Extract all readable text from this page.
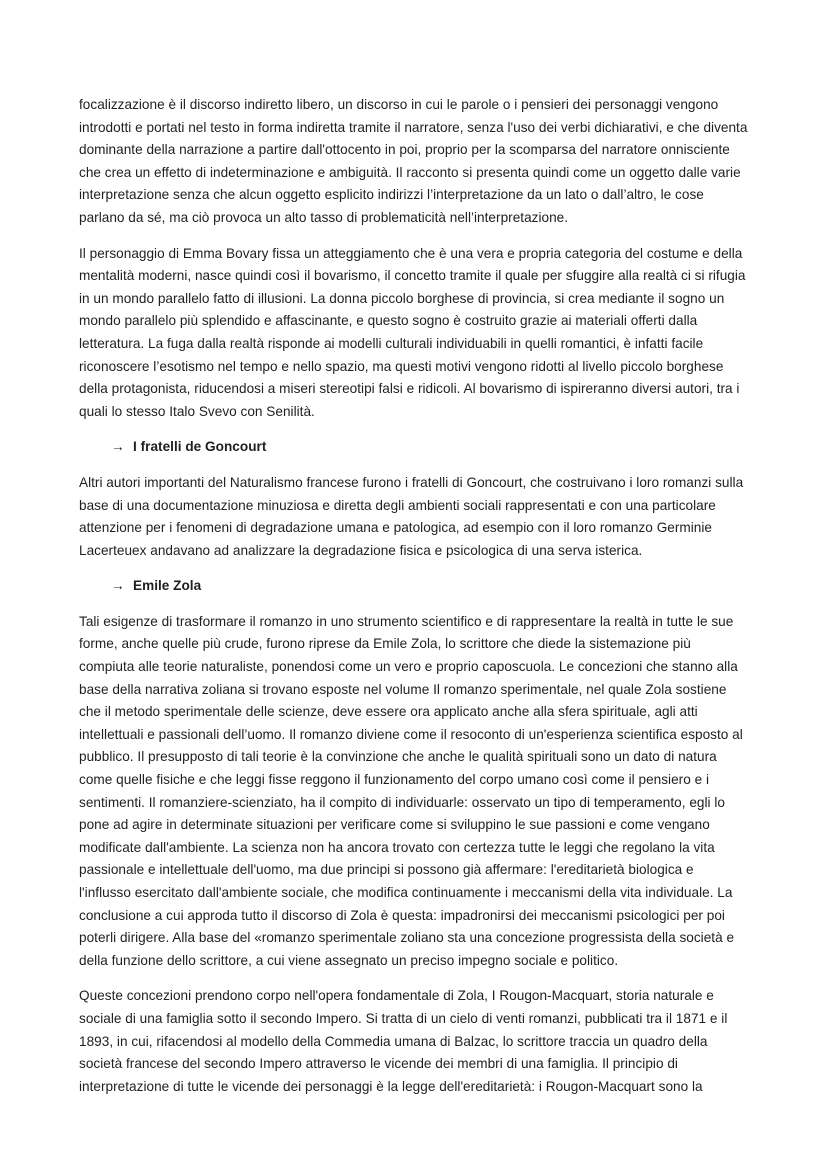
focalizzazione è il discorso indiretto libero, un discorso in cui le parole o i pensieri dei personaggi vengono introdotti e portati nel testo in forma indiretta tramite il narratore, senza l'uso dei verbi dichiarativi, e che diventa dominante della narrazione a partire dall'ottocento in poi, proprio per la scomparsa del narratore onnisciente che crea un effetto di indeterminazione e ambiguità. Il racconto si presenta quindi come un oggetto dalle varie interpretazione senza che alcun oggetto esplicito indirizzi l’interpretazione da un lato o dall’altro, le cose parlano da sé, ma ciò provoca un alto tasso di problematicità nell’interpretazione.

Il personaggio di Emma Bovary fissa un atteggiamento che è una vera e propria categoria del costume e della mentalità moderni, nasce quindi così il bovarismo, il concetto tramite il quale per sfuggire alla realtà ci si rifugia in un mondo parallelo fatto di illusioni. La donna piccolo borghese di provincia, si crea mediante il sogno un mondo parallelo più splendido e affascinante, e questo sogno è costruito grazie ai materiali offerti dalla letteratura. La fuga dalla realtà risponde ai modelli culturali individuabili in quelli romantici, è infatti facile riconoscere l’esotismo nel tempo e nello spazio, ma questi motivi vengono ridotti al livello piccolo borghese della protagonista, riducendosi a miseri stereotipi falsi e ridicoli. Al bovarismo di ispireranno diversi autori, tra i quali lo stesso Italo Svevo con Senilità.

→ I fratelli de Goncourt

Altri autori importanti del Naturalismo francese furono i fratelli di Goncourt, che costruivano i loro romanzi sulla base di una documentazione minuziosa e diretta degli ambienti sociali rappresentati e con una particolare attenzione per i fenomeni di degradazione umana e patologica, ad esempio con il loro romanzo Germinie Lacerteuex andavano ad analizzare la degradazione fisica e psicologica di una serva isterica.

→ Emile Zola

Tali esigenze di trasformare il romanzo in uno strumento scientifico e di rappresentare la realtà in tutte le sue forme, anche quelle più crude, furono riprese da Emile Zola, lo scrittore che diede la sistemazione più compiuta alle teorie naturaliste, ponendosi come un vero e proprio caposcuola. Le concezioni che stanno alla base della narrativa zoliana si trovano esposte nel volume Il romanzo sperimentale, nel quale Zola sostiene che il metodo sperimentale delle scienze, deve essere ora applicato anche alla sfera spirituale, agli atti intellettuali e passionali dell’uomo. Il romanzo diviene come il resoconto di un'esperienza scientifica esposto al pubblico. Il presupposto di tali teorie è la convinzione che anche le qualità spirituali sono un dato di natura come quelle fisiche e che leggi fisse reggono il funzionamento del corpo umano così come il pensiero e i sentimenti. Il romanziere-scienziato, ha il compito di individuarle: osservato un tipo di temperamento, egli lo pone ad agire in determinate situazioni per verificare come si sviluppino le sue passioni e come vengano modificate dall'ambiente. La scienza non ha ancora trovato con certezza tutte le leggi che regolano la vita passionale e intellettuale dell'uomo, ma due principi si possono già affermare: l'ereditarietà biologica e l'influsso esercitato dall'ambiente sociale, che modifica continuamente i meccanismi della vita individuale. La conclusione a cui approda tutto il discorso di Zola è questa: impadronirsi dei meccanismi psicologici per poi poterli dirigere. Alla base del «romanzo sperimentale zoliano sta una concezione progressista della società e della funzione dello scrittore, a cui viene assegnato un preciso impegno sociale e politico.

Queste concezioni prendono corpo nell'opera fondamentale di Zola, I Rougon-Macquart, storia naturale e sociale di una famiglia sotto il secondo Impero. Si tratta di un cielo di venti romanzi, pubblicati tra il 1871 e il 1893, in cui, rifacendosi al modello della Commedia umana di Balzac, lo scrittore traccia un quadro della società francese del secondo Impero attraverso le vicende dei membri di una famiglia. Il principio di interpretazione di tutte le vicende dei personaggi è la legge dell'ereditarietà: i Rougon-Macquart sono la
